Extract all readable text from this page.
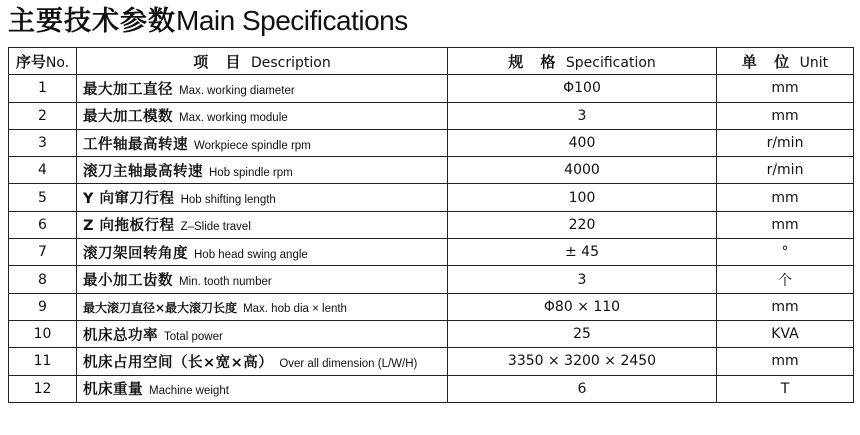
主要技术参数Main Specifications
序号No.	项 目 Description	规 格 Specification	单 位 Unit
1	最大加工直径 Max. working diameter	Φ100	mm
2	最大加工模数 Max. working module	3	mm
3	工件轴最高转速 Workpiece spindle rpm	400	r/min
4	滚刀主轴最高转速 Hob spindle rpm	4000	r/min
5	Y 向窜刀行程 Hob shifting length	100	mm
6	Z 向拖板行程 Z–Slide travel	220	mm
7	滚刀架回转角度 Hob head swing angle	± 45	°
8	最小加工齿数 Min. tooth number	3	个
9	最大滚刀直径×最大滚刀长度 Max. hob dia × lenth	Φ80 × 110	mm
10	机床总功率 Total power	25	KVA
11	机床占用空间（长×宽×高） Over all dimension (L/W/H)	3350 × 3200 × 2450	mm
12	机床重量 Machine weight	6	T
